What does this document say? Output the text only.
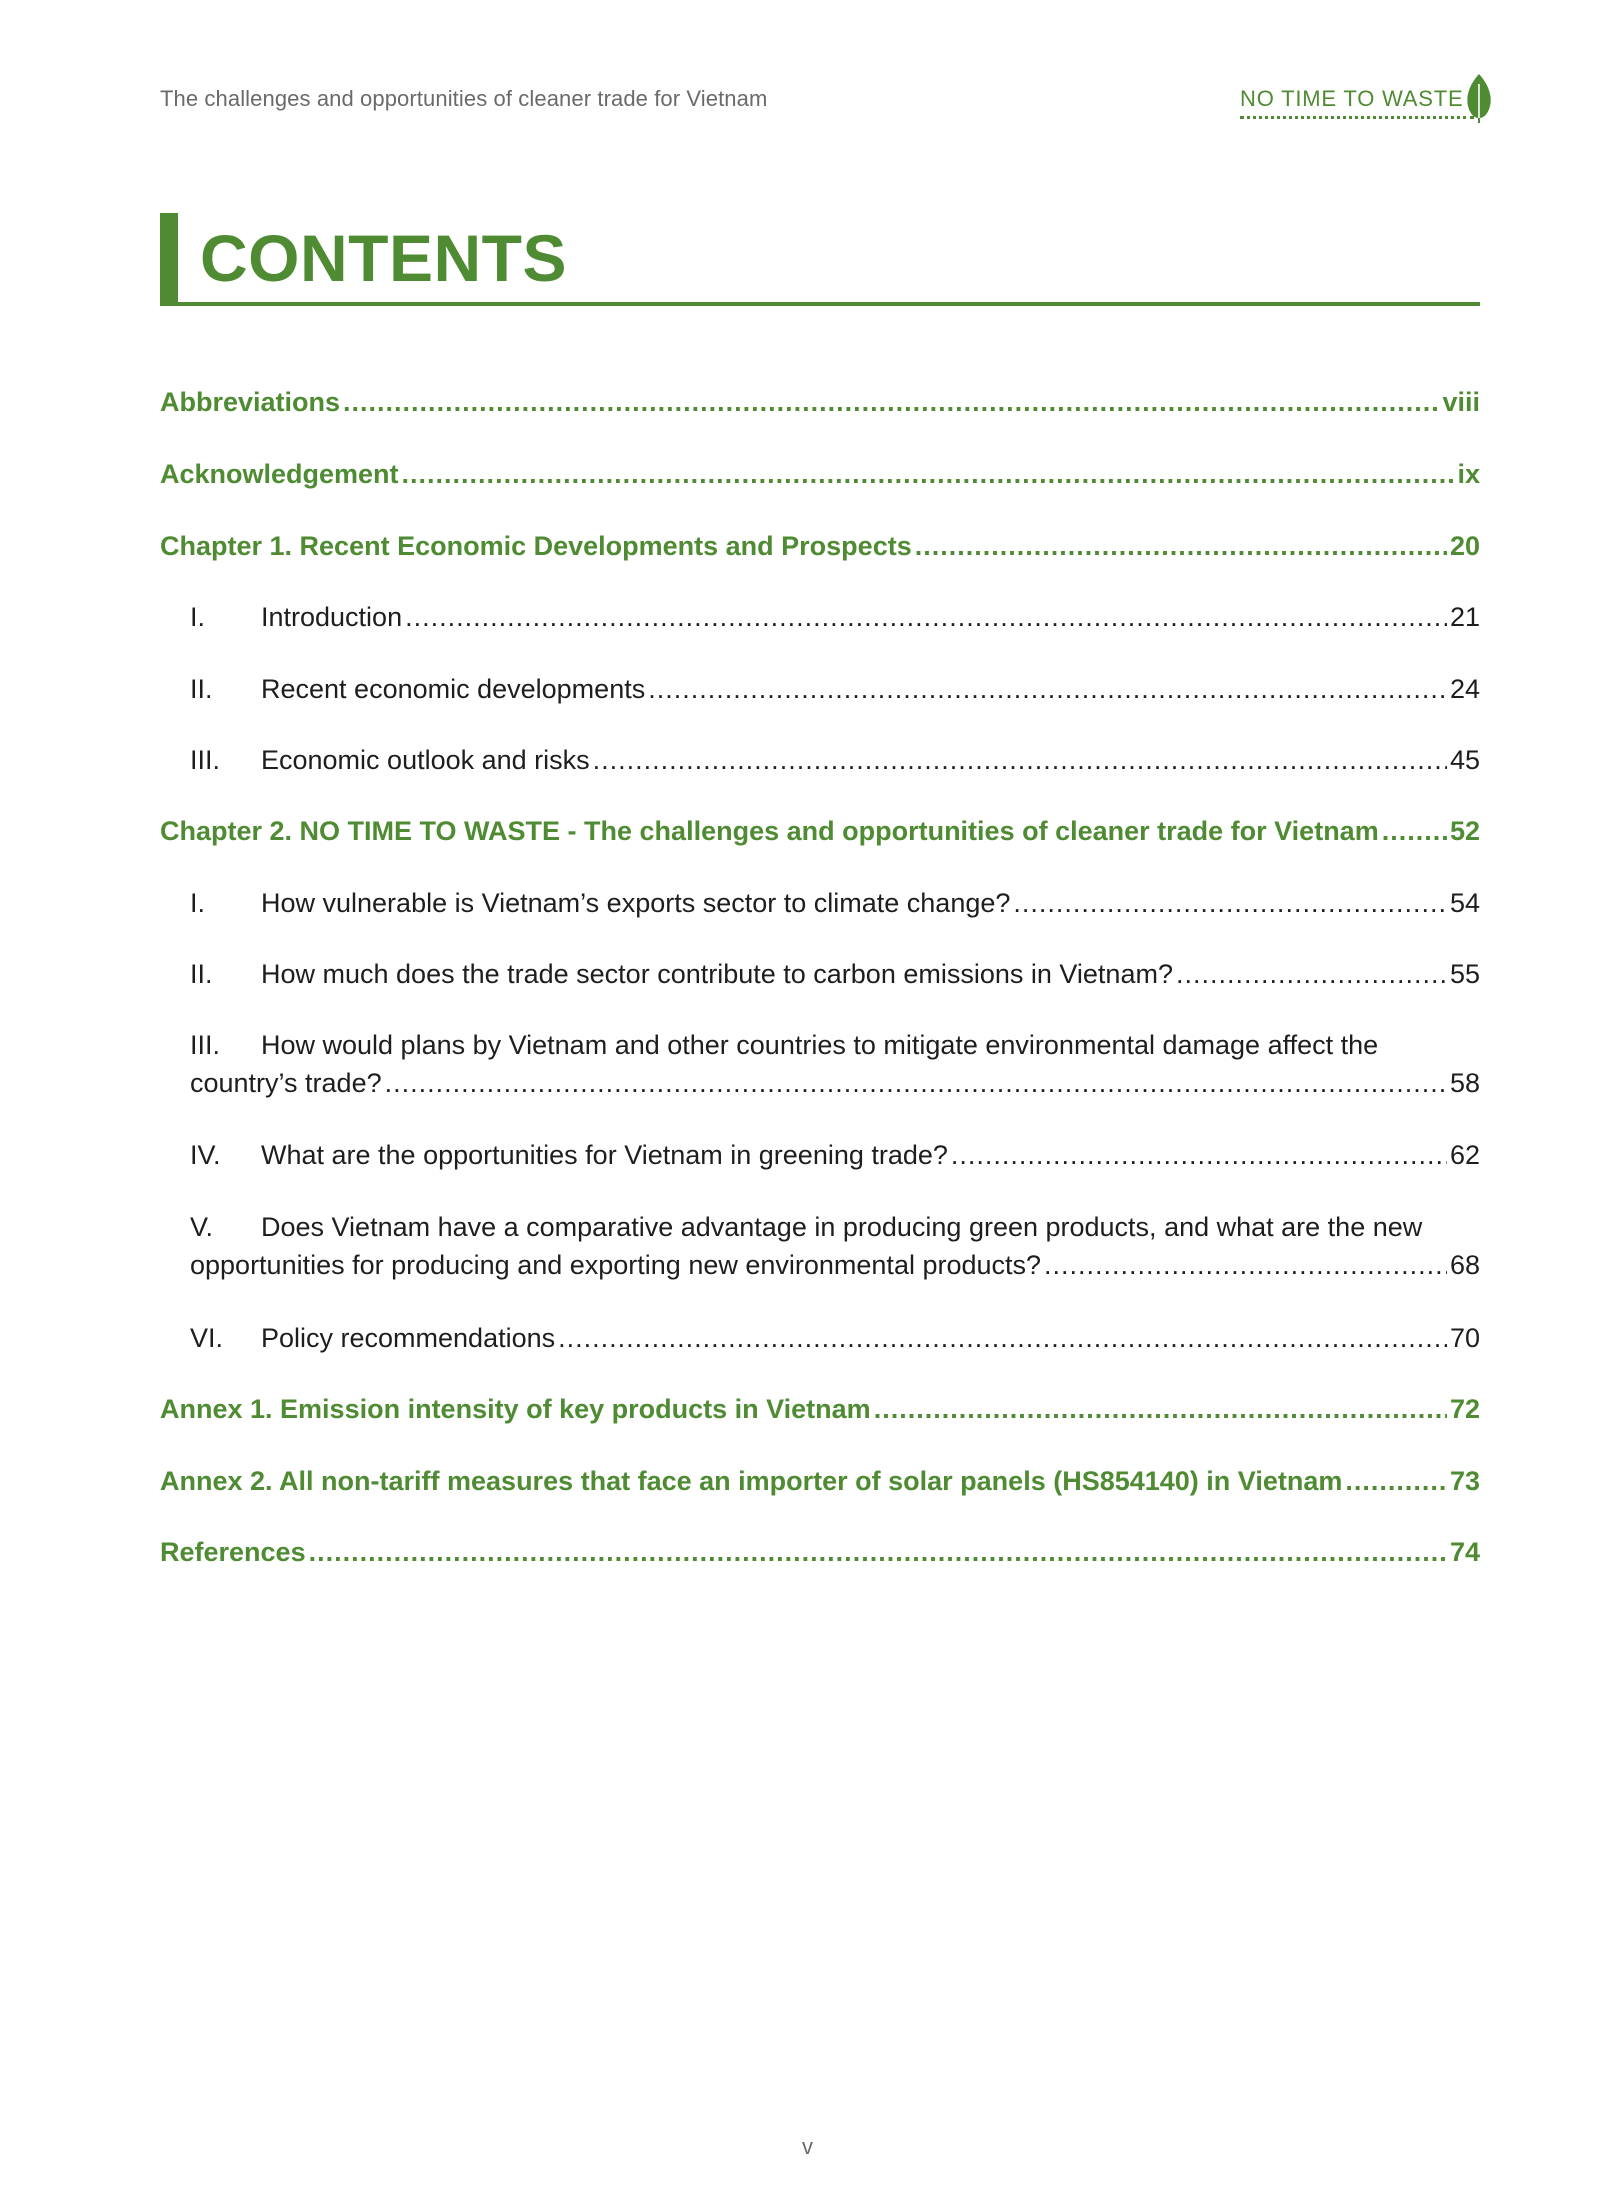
The challenges and opportunities of cleaner trade for Vietnam	NO TIME TO WASTE
CONTENTS
Abbreviations .....	viii
Acknowledgement .....	ix
Chapter 1. Recent Economic Developments and Prospects .....	20
I.	Introduction .....	21
II.	Recent economic developments .....	24
III.	Economic outlook and risks .....	45
Chapter 2. NO TIME TO WASTE - The challenges and opportunities of cleaner trade for Vietnam .....	52
I.	How vulnerable is Vietnam’s exports sector to climate change? .....	54
II.	How much does the trade sector contribute to carbon emissions in Vietnam? .....	55
III. How would plans by Vietnam and other countries to mitigate environmental damage affect the
country’s trade? .....	58
IV.	What are the opportunities for Vietnam in greening trade? .....	62
V. Does Vietnam have a comparative advantage in producing green products, and what are the new
opportunities for producing and exporting new environmental products? .....	68
VI.	Policy recommendations .....	70
Annex 1. Emission intensity of key products in Vietnam .....	72
Annex 2. All non-tariff measures that face an importer of solar panels (HS854140) in Vietnam .....	73
References .....	74
v
